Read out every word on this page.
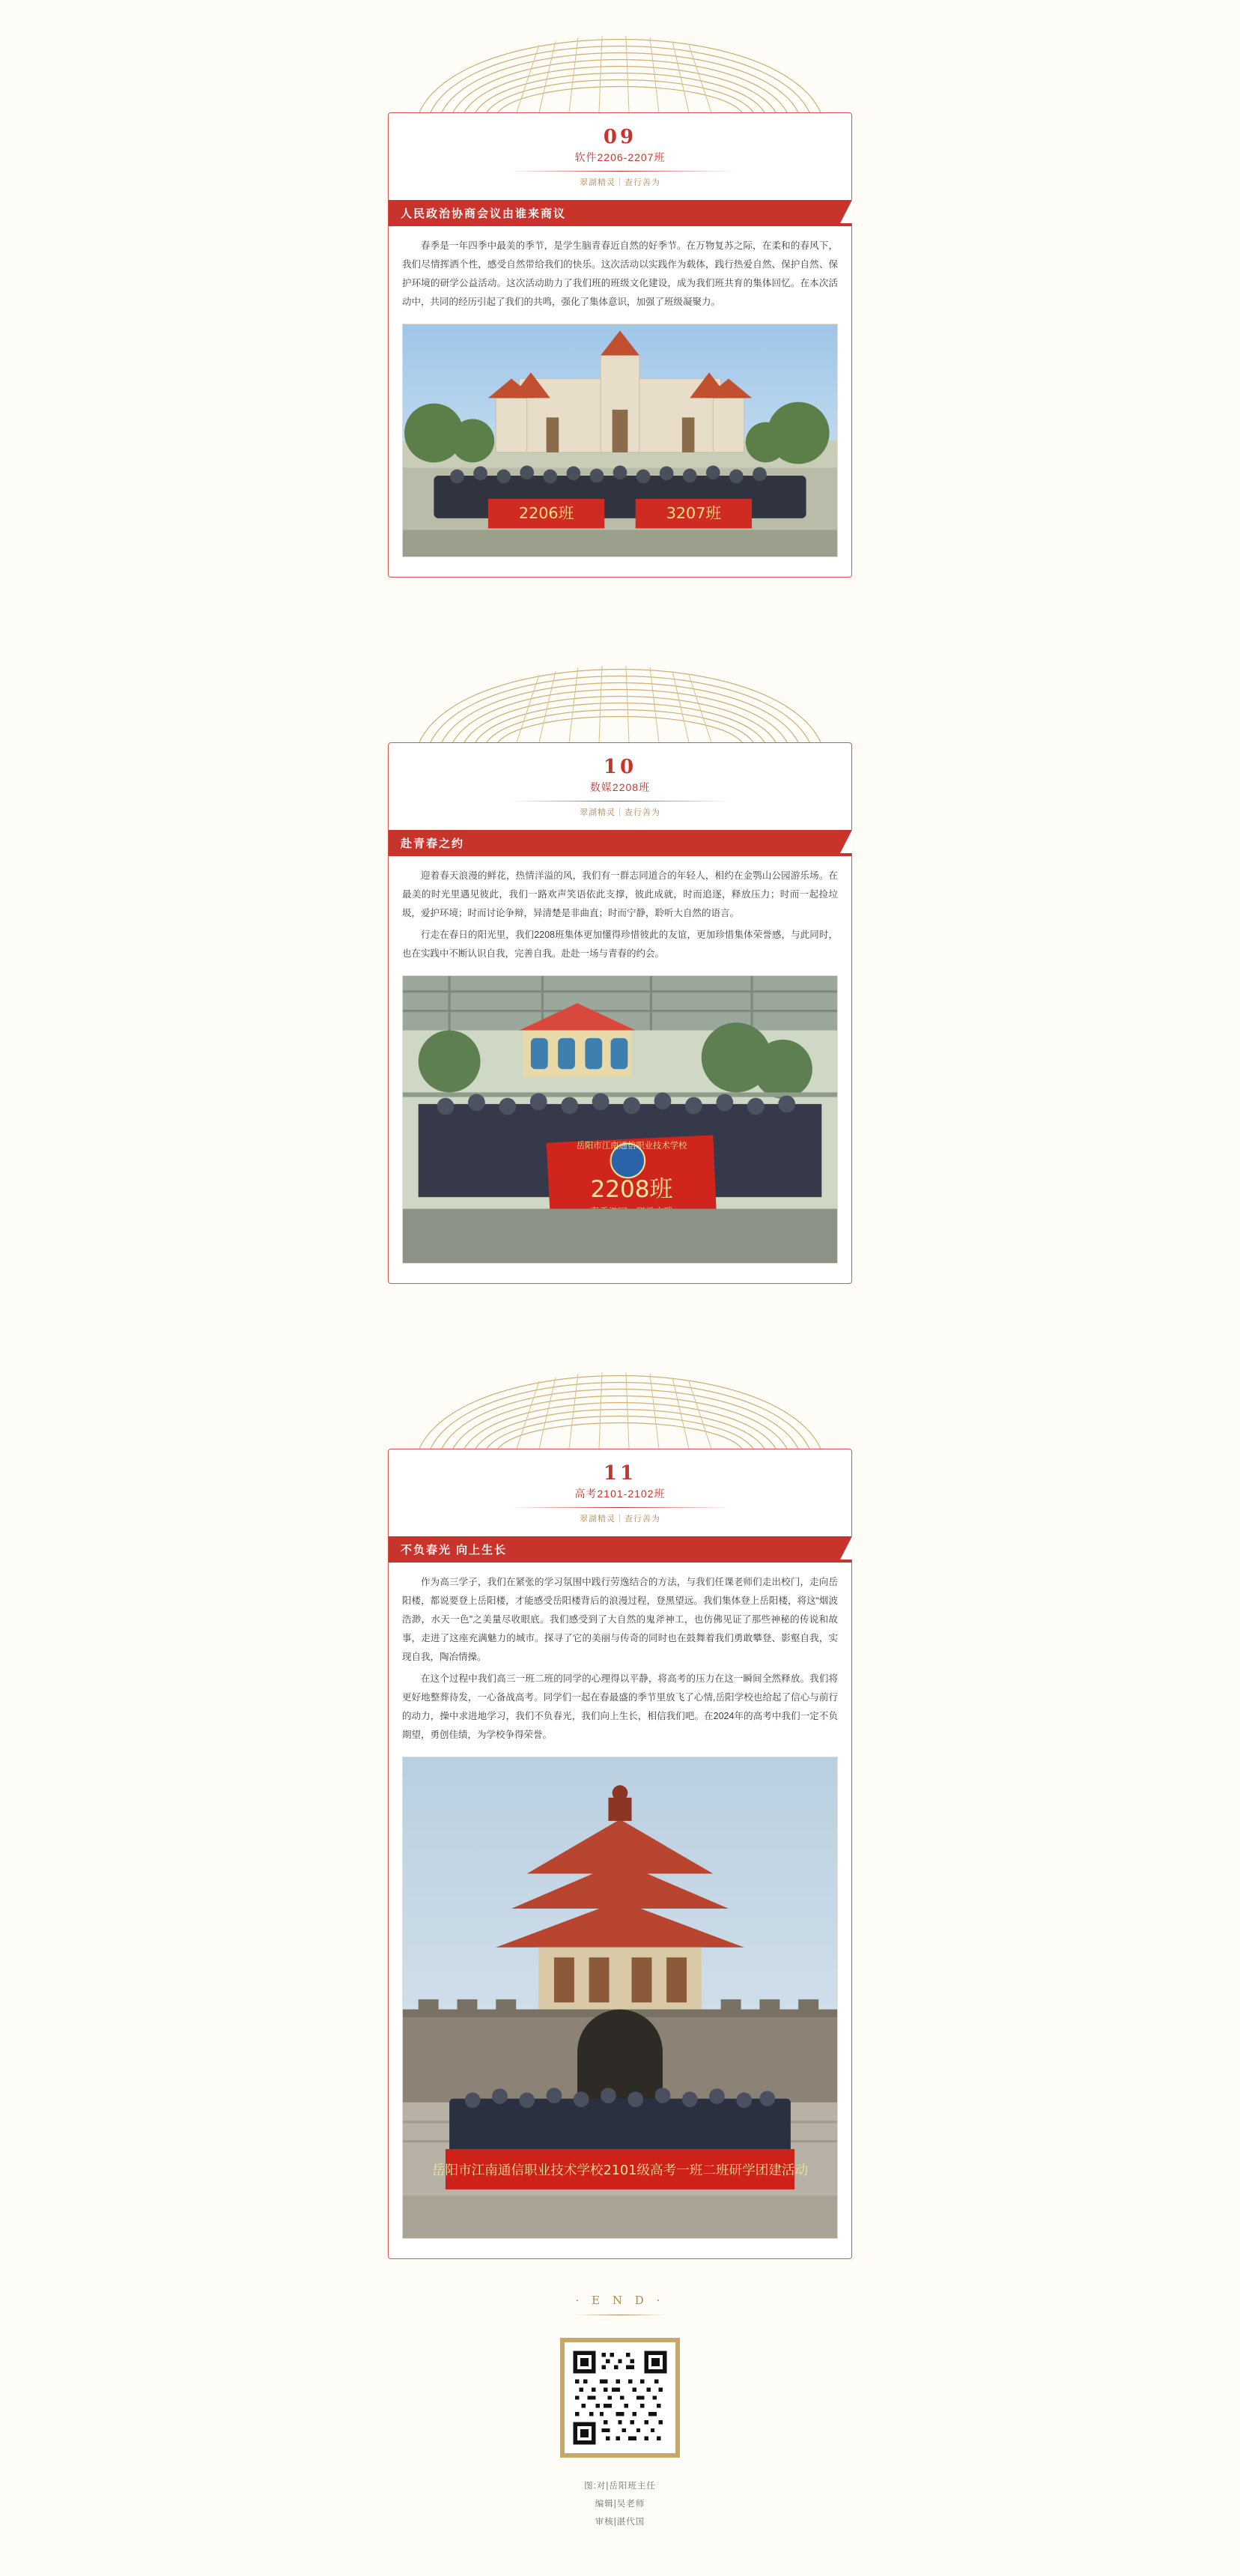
09
软件2206-2207班
翠湖精灵｜查行善为
人民政治协商会议由谁来商议

春季是一年四季中最美的季节，是学生脑青春近自然的好季节。在万物复苏之际，在柔和的春风下，我们尽情挥洒个性，感受自然带给我们的快乐。这次活动以实践作为载体，践行热爱自然、保护自然、保护环境的研学公益活动。这次活动助力了我们班的班级文化建设，成为我们班共育的集体回忆。在本次活动中，共同的经历引起了我们的共鸣，强化了集体意识，加强了班级凝聚力。

2206班	3207班
10
数媒2208班
翠湖精灵｜查行善为
赴青春之约

迎着春天浪漫的鲜花，热情洋溢的风，我们有一群志同道合的年轻人，相约在金鹗山公园游乐场。在最美的时光里遇见彼此，我们一路欢声笑语依此支撑，彼此成就，时而追逐，释放压力；时而一起捡垃圾，爱护环境；时而讨论争辩，异清楚是非曲直；时而宁静，聆听大自然的语言。

行走在春日的阳光里，我们2208班集体更加懂得珍惜彼此的友谊，更加珍惜集体荣誉感，与此同时，也在实践中不断认识自我，完善自我。赴赴一场与青春的约会。

岳阳市江南通信职业技术学校
2208班
11
高考2101-2102班
翠湖精灵｜查行善为
不负春光 向上生长

作为高三学子，我们在紧张的学习氛围中践行劳逸结合的方法，与我们任课老师们走出校门，走向岳阳楼，都说要登上岳阳楼，才能感受岳阳楼背后的浪漫过程，登黑望远。我们集体登上岳阳楼，将这“烟波浩渺，水天一色”之美量尽收眼底。我们感受到了大自然的鬼斧神工，也仿佛见证了那些神秘的传说和故事，走进了这座充满魅力的城市。探寻了它的美丽与传奇的同时也在鼓舞着我们勇敢攀登、影壑自我，实现自我，陶冶情操。

在这个过程中我们高三一班二班的同学的心理得以平静，将高考的压力在这一瞬间全然释放。我们将更好地整葬待发，一心备战高考。同学们一起在春最盛的季节里放飞了心情,岳阳学校也给起了信心与前行的动力，操中求进地学习，我们不负春光，我们向上生长，相信我们吧。在2024年的高考中我们一定不负期望，勇创佳绩，为学校争得荣誉。

岳阳市江南通信职业技术学校2101级高考一班二班研学团建活动
· E N D ·
图:对|岳阳班主任
编辑|吴老师
审核|湛代国
